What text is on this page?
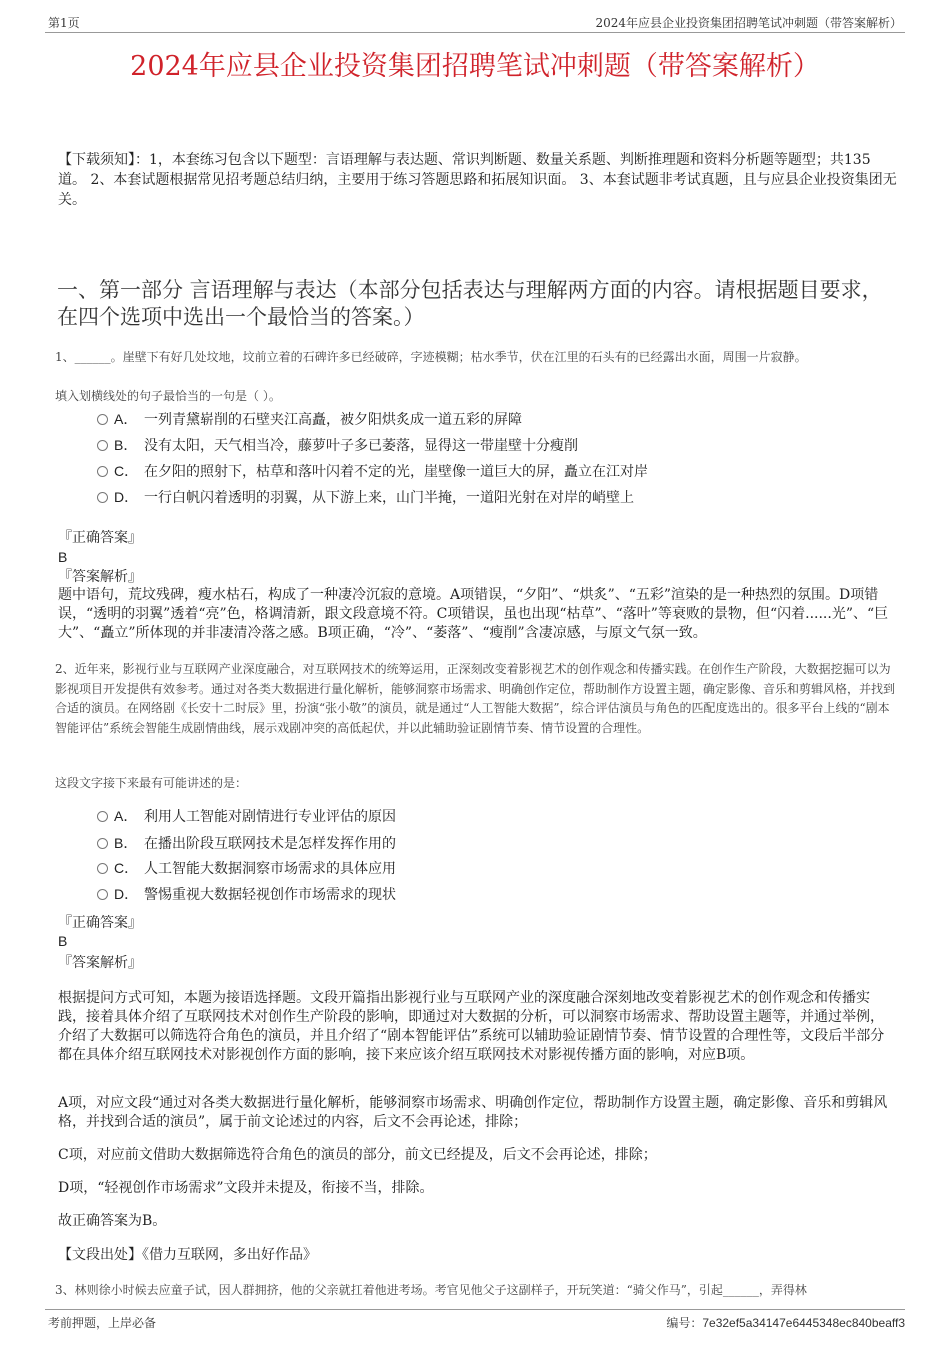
第1页	2024年应县企业投资集团招聘笔试冲刺题（带答案解析）
2024年应县企业投资集团招聘笔试冲刺题（带答案解析）
【下载须知】：1，本套练习包含以下题型：言语理解与表达题、常识判断题、数量关系题、判断推理题和资料分析题等题型；共135道。 2、本套试题根据常见招考题总结归纳，主要用于练习答题思路和拓展知识面。 3、本套试题非考试真题，且与应县企业投资集团无关。
一、第一部分 言语理解与表达（本部分包括表达与理解两方面的内容。请根据题目要求，在四个选项中选出一个最恰当的答案。）
1、______。崖壁下有好几处坟地，坟前立着的石碑许多已经破碎，字迹模糊；枯水季节，伏在江里的石头有的已经露出水面，周围一片寂静。
填入划横线处的句子最恰当的一句是（ ）。
A． 一列青黛崭削的石壁夹江高矗，被夕阳烘炙成一道五彩的屏障
B． 没有太阳，天气相当冷，藤萝叶子多已萎落，显得这一带崖壁十分瘦削
C． 在夕阳的照射下，枯草和落叶闪着不定的光，崖壁像一道巨大的屏，矗立在江对岸
D． 一行白帆闪着透明的羽翼，从下游上来，山门半掩，一道阳光射在对岸的峭壁上
『正确答案』
B
『答案解析』
题中语句，荒坟残碑，瘦水枯石，构成了一种凄冷沉寂的意境。A项错误，“夕阳”、“烘炙”、“五彩”渲染的是一种热烈的氛围。D项错误，“透明的羽翼”透着“亮”色，格调清新，跟文段意境不符。C项错误，虽也出现“枯草”、“落叶”等衰败的景物，但“闪着......光”、“巨大”、“矗立”所体现的并非凄清冷落之感。B项正确，“冷”、“萎落”、“瘦削”含凄凉感，与原文气氛一致。
2、近年来，影视行业与互联网产业深度融合，对互联网技术的统筹运用，正深刻改变着影视艺术的创作观念和传播实践。在创作生产阶段，大数据挖掘可以为影视项目开发提供有效参考。通过对各类大数据进行量化解析，能够洞察市场需求、明确创作定位，帮助制作方设置主题，确定影像、音乐和剪辑风格，并找到合适的演员。在网络剧《长安十二时辰》里，扮演“张小敬”的演员，就是通过“人工智能大数据”，综合评估演员与角色的匹配度选出的。很多平台上线的“剧本智能评估”系统会智能生成剧情曲线，展示戏剧冲突的高低起伏，并以此辅助验证剧情节奏、情节设置的合理性。
这段文字接下来最有可能讲述的是：
A． 利用人工智能对剧情进行专业评估的原因
B． 在播出阶段互联网技术是怎样发挥作用的
C． 人工智能大数据洞察市场需求的具体应用
D． 警惕重视大数据轻视创作市场需求的现状
『正确答案』
B
『答案解析』
根据提问方式可知，本题为接语选择题。文段开篇指出影视行业与互联网产业的深度融合深刻地改变着影视艺术的创作观念和传播实践，接着具体介绍了互联网技术对创作生产阶段的影响，即通过对大数据的分析，可以洞察市场需求、帮助设置主题等，并通过举例，介绍了大数据可以筛选符合角色的演员，并且介绍了“剧本智能评估”系统可以辅助验证剧情节奏、情节设置的合理性等，文段后半部分都在具体介绍互联网技术对影视创作方面的影响，接下来应该介绍互联网技术对影视传播方面的影响，对应B项。
A项，对应文段“通过对各类大数据进行量化解析，能够洞察市场需求、明确创作定位，帮助制作方设置主题，确定影像、音乐和剪辑风格，并找到合适的演员”，属于前文论述过的内容，后文不会再论述，排除；
C项，对应前文借助大数据筛选符合角色的演员的部分，前文已经提及，后文不会再论述，排除；
D项，“轻视创作市场需求”文段并未提及，衔接不当，排除。
故正确答案为B。
【文段出处】《借力互联网，多出好作品》
3、林则徐小时候去应童子试，因人群拥挤，他的父亲就扛着他进考场。考官见他父子这副样子，开玩笑道：“骑父作马”，引起______，弄得林
考前押题，上岸必备	编号：7e32ef5a34147e6445348ec840beaff3
